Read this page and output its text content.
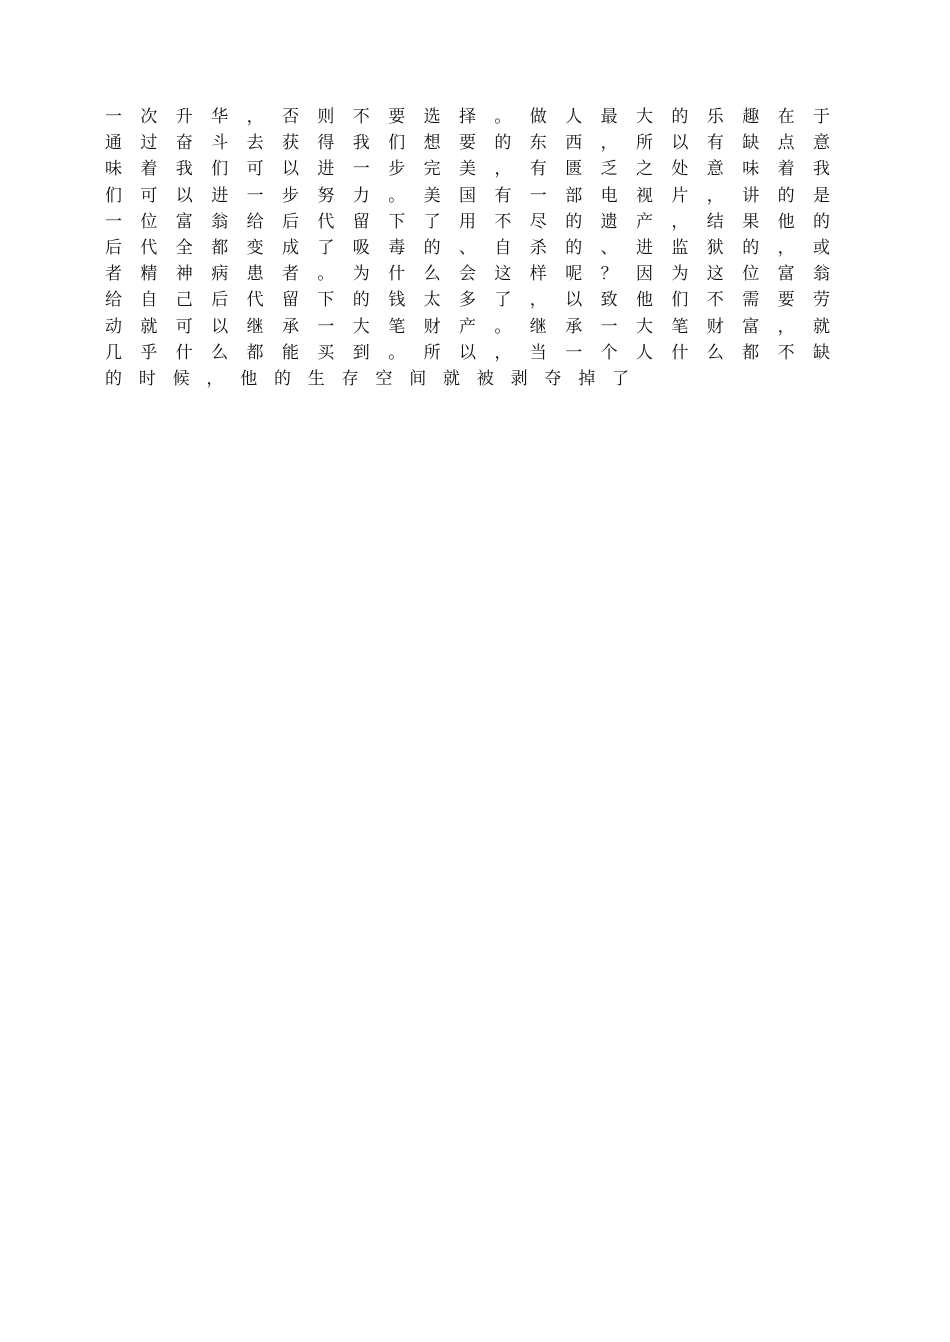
一 次 升 华 ， 否 则 不 要 选 择 。 做 人 最 大 的 乐 趣 在 于
通 过 奋 斗 去 获 得 我 们 想 要 的 东 西 ， 所 以 有 缺 点 意
味 着 我 们 可 以 进 一 步 完 美 ， 有 匮 乏 之 处 意 味 着 我
们 可 以 进 一 步 努 力 。 美 国 有 一 部 电 视 片 ， 讲 的 是
一 位 富 翁 给 后 代 留 下 了 用 不 尽 的 遗 产 ， 结 果 他 的
后 代 全 都 变 成 了 吸 毒 的 、 自 杀 的 、 进 监 狱 的 ， 或
者 精 神 病 患 者 。 为 什 么 会 这 样 呢 ？ 因 为 这 位 富 翁
给 自 己 后 代 留 下 的 钱 太 多 了 ， 以 致 他 们 不 需 要 劳
动 就 可 以 继 承 一 大 笔 财 产 。 继 承 一 大 笔 财 富 ， 就
几 乎 什 么 都 能 买 到 。 所 以 ， 当 一 个 人 什 么 都 不 缺
的时候，他的生存空间就被剥夺掉了
